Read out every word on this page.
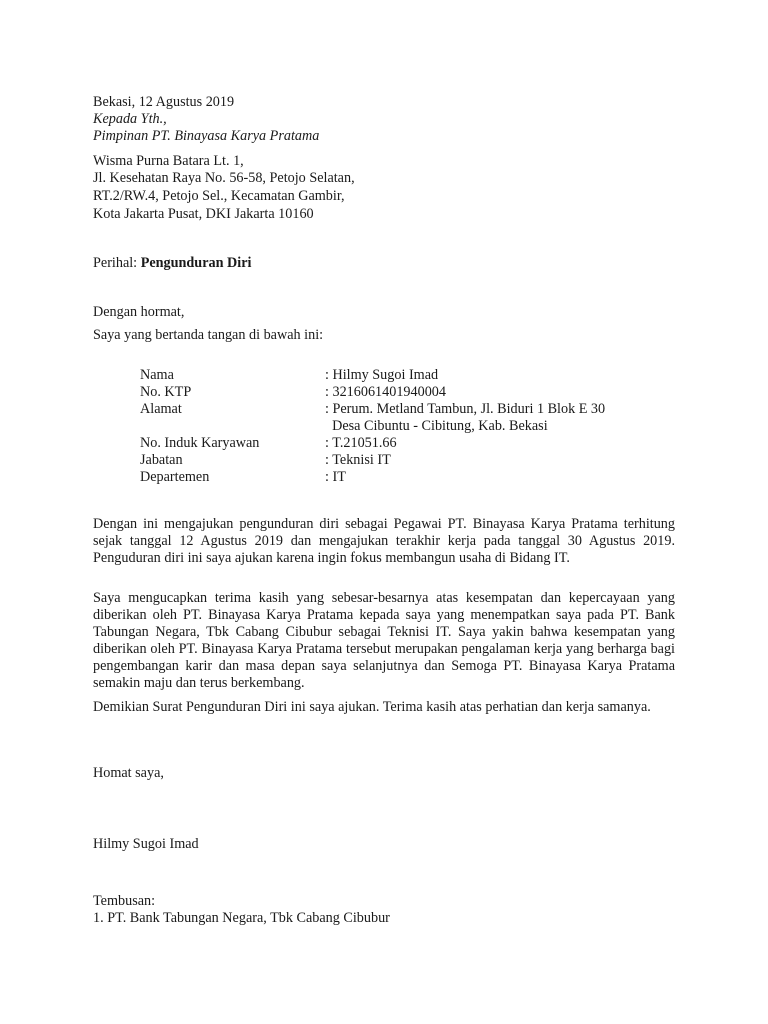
Bekasi, 12 Agustus 2019
Kepada Yth.,
Pimpinan PT. Binayasa Karya Pratama
Wisma Purna Batara Lt. 1,
Jl. Kesehatan Raya No. 56-58, Petojo Selatan,
RT.2/RW.4, Petojo Sel., Kecamatan Gambir,
Kota Jakarta Pusat, DKI Jakarta 10160
Perihal: Pengunduran Diri
Dengan hormat,
Saya yang bertanda tangan di bawah ini:
Nama	: Hilmy Sugoi Imad
No. KTP	: 3216061401940004
Alamat	: Perum. Metland Tambun, Jl. Biduri 1 Blok E 30
Desa Cibuntu - Cibitung, Kab. Bekasi
No. Induk Karyawan	: T.21051.66
Jabatan	: Teknisi IT
Departemen	: IT
Dengan ini mengajukan pengunduran diri sebagai Pegawai PT. Binayasa Karya Pratama terhitung sejak tanggal 12 Agustus 2019 dan mengajukan terakhir kerja pada tanggal 30 Agustus 2019. Penguduran diri ini saya ajukan karena ingin fokus membangun usaha di Bidang IT.
Saya mengucapkan terima kasih yang sebesar-besarnya atas kesempatan dan kepercayaan yang diberikan oleh PT. Binayasa Karya Pratama kepada saya yang menempatkan saya pada PT. Bank Tabungan Negara, Tbk Cabang Cibubur sebagai Teknisi IT. Saya yakin bahwa kesempatan yang diberikan oleh PT. Binayasa Karya Pratama tersebut merupakan pengalaman kerja yang berharga bagi pengembangan karir dan masa depan saya selanjutnya dan Semoga PT. Binayasa Karya Pratama semakin maju dan terus berkembang.
Demikian Surat Pengunduran Diri ini saya ajukan. Terima kasih atas perhatian dan kerja samanya.
Homat saya,
Hilmy Sugoi Imad
Tembusan:
1. PT. Bank Tabungan Negara, Tbk Cabang Cibubur
